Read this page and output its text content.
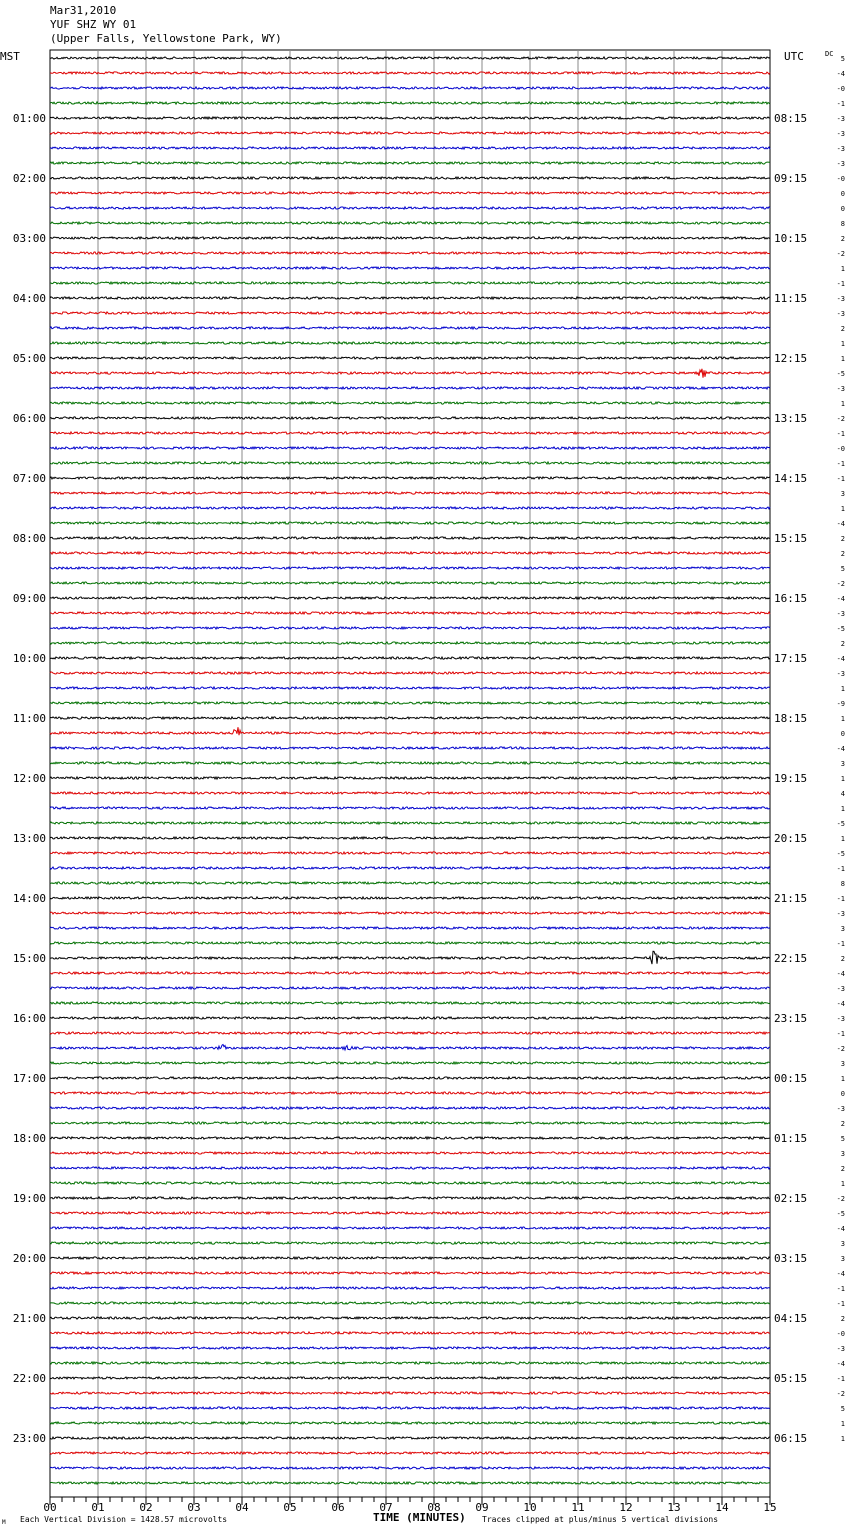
Mar31,2010
YUF SHZ WY 01
(Upper Falls, Yellowstone Park, WY)
MST	UTC	DC
01:00
02:00
03:00
04:00
05:00
06:00
07:00
08:00
09:00
10:00
11:00
12:00
13:00
14:00
15:00
16:00
17:00
18:00
19:00
20:00
21:00
22:00
23:00
08:15
09:15
10:15
11:15
12:15
13:15
14:15
15:15
16:15
17:15
18:15
19:15
20:15
21:15
22:15
23:15
00:15
01:15
02:15
03:15
04:15
05:15
06:15
5
-4
-0
-1
-3
-3
-3
-3
-0
0
0
8
2
-2
1
-1
-3
-3
2
1
1
-5
-3
1
-2
-1
-0
-1
-1
3
1
-4
2
2
5
-2
-4
-3
-5
2
-4
-3
1
-9
1
0
-4
3
1
4
1
-5
1
-5
-1
8
-1
-3
3
-1
2
-4
-3
-4
-3
-1
-2
3
1
0
-3
2
5
3
2
1
-2
-5
-4
3
3
-4
-1
-1
2
-0
-3
-4
-1
-2
5
1
1
00	01	02	03	04	05	06	07	08	09	10	11	12	13	14	15
TIME (MINUTES)
M Each Vertical Division = 1428.57 microvolts	Traces clipped at plus/minus 5 vertical divisions
